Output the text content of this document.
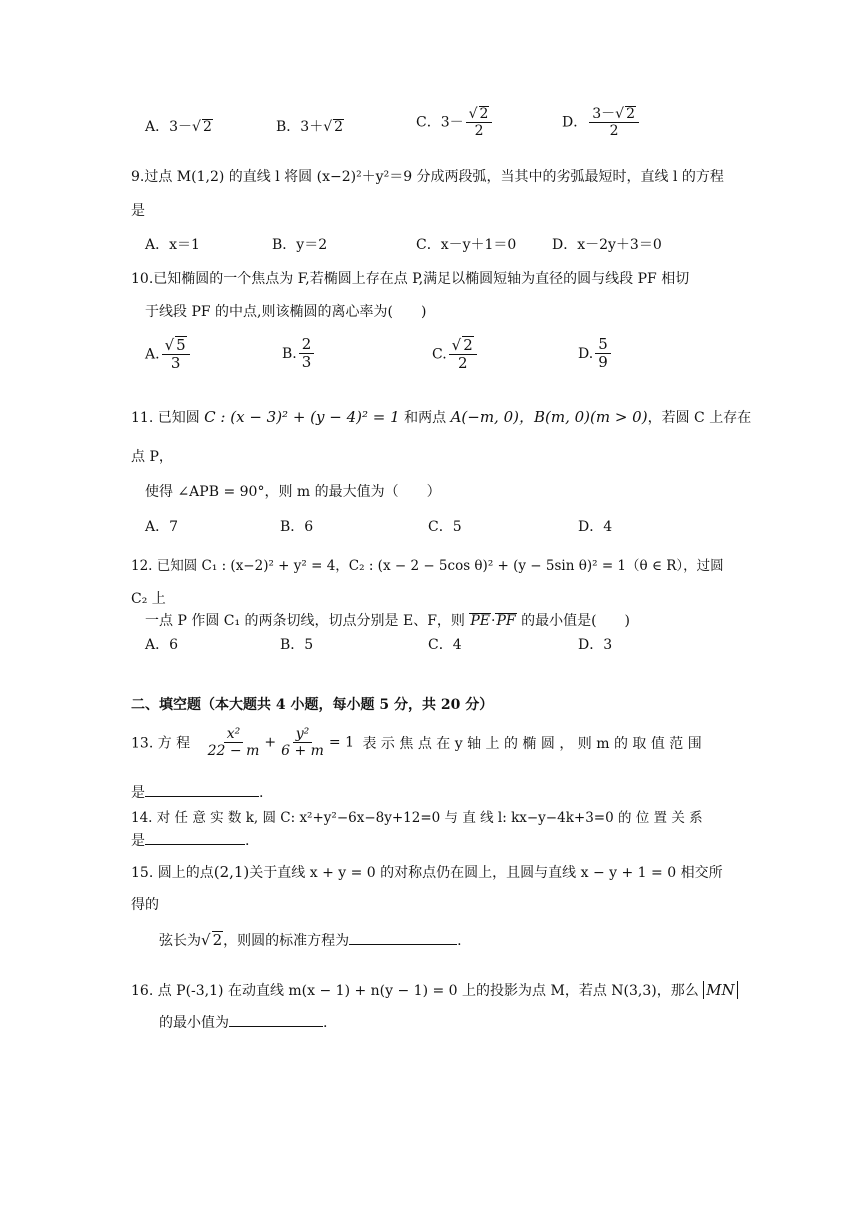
A．3－ √ 2	B．3＋ √ 2	C．3－ √ $\frac{2}{2}$	D． $\frac{3- √ 2}{2}$
9.过点 M(1,2) 的直线 l 将圆 (x−2)²＋y²＝9 分成两段弧，当其中的劣弧最短时，直线 l 的方程
是
A．x＝1	B．y＝2	C．x－y＋1＝0	D．x－2y＋3＝0
10.已知椭圆的一个焦点为 F,若椭圆上存在点 P,满足以椭圆短轴为直径的圆与线段 PF 相切
于线段 PF 的中点,则该椭圆的离心率为(　　)
A. √ $\frac{5}{3}$	B. $\frac{2}{3}$	C. √ $\frac{2}{2}$	D. $\frac{5}{9}$
11. 已知圆 C : (x − 3)² + (y − 4)² = 1 和两点 A(−m, 0)，B(m, 0)(m > 0)，若圆 C 上存在
点 P，
使得 ∠APB = 90°，则 m 的最大值为（　　）
A．7	B．6	C．5	D．4
12. 已知圆 C₁ : (x−2)² + y² = 4，C₂ : (x − 2 − 5cos θ)² + (y − 5sin θ)² = 1（θ ∈ R），过圆
C₂ 上
一点 P 作圆 C₁ 的两条切线，切点分别是 E、F，则 PE·PF 的最小值是(　　)
A．6	B．5	C．4	D．3
二、填空题（本大题共 4 小题，每小题 5 分，共 20 分）
13. 方 程 $\frac{\text{x²}}{22 - m} + \frac{\text{y²}}{6 + m} = 1$ 表 示 焦 点 在 y 轴 上 的 椭 圆 ， 则 m 的 取 值 范 围
是	.
14. 对 任 意 实 数 k, 圆 C: x²+y²−6x−8y+12=0 与 直 线 l: kx−y−4k+3=0 的 位 置 关 系
是	.
15. 圆上的点(2,1)关于直线 x + y = 0 的对称点仍在圆上，且圆与直线 x − y + 1 = 0 相交所
得的
弦长为 √ 2，则圆的标准方程为	.
16. 点 P(-3,1) 在动直线 m(x − 1) + n(y − 1) = 0 上的投影为点 M，若点 N(3,3)，那么 MN
的最小值为	.
